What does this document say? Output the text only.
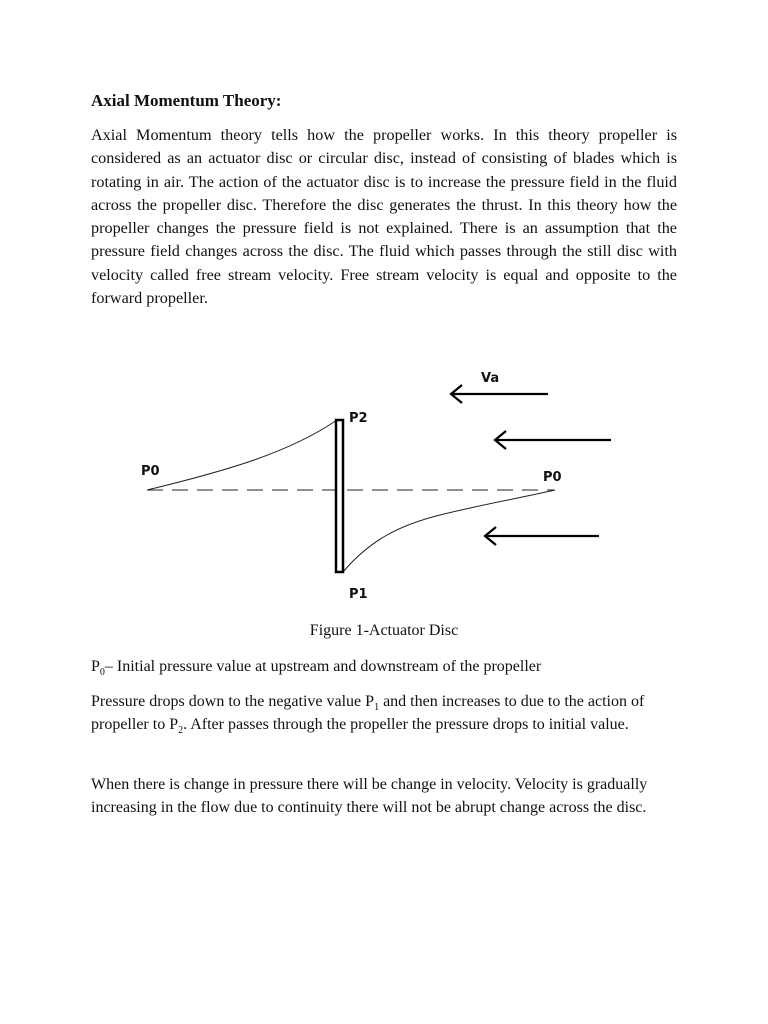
Axial Momentum Theory:

Axial Momentum theory tells how the propeller works. In this theory propeller is considered as an actuator disc or circular disc, instead of consisting of blades which is rotating in air. The action of the actuator disc is to increase the pressure field in the fluid across the propeller disc. Therefore the disc generates the thrust. In this theory how the propeller changes the pressure field is not explained. There is an assumption that the pressure field changes across the disc. The fluid which passes through the still disc with velocity called free stream velocity. Free stream velocity is equal and opposite to the forward propeller.

Va
P2
P0	P0
P1

Figure 1-Actuator Disc

$P_0-$ Initial pressure value at upstream and downstream of the propeller

Pressure drops down to the negative value $P_1$ and then increases to due to the action of propeller to $P_2$. After passes through the propeller the pressure drops to initial value.

When there is change in pressure there will be change in velocity. Velocity is gradually increasing in the flow due to continuity there will not be abrupt change across the disc.
